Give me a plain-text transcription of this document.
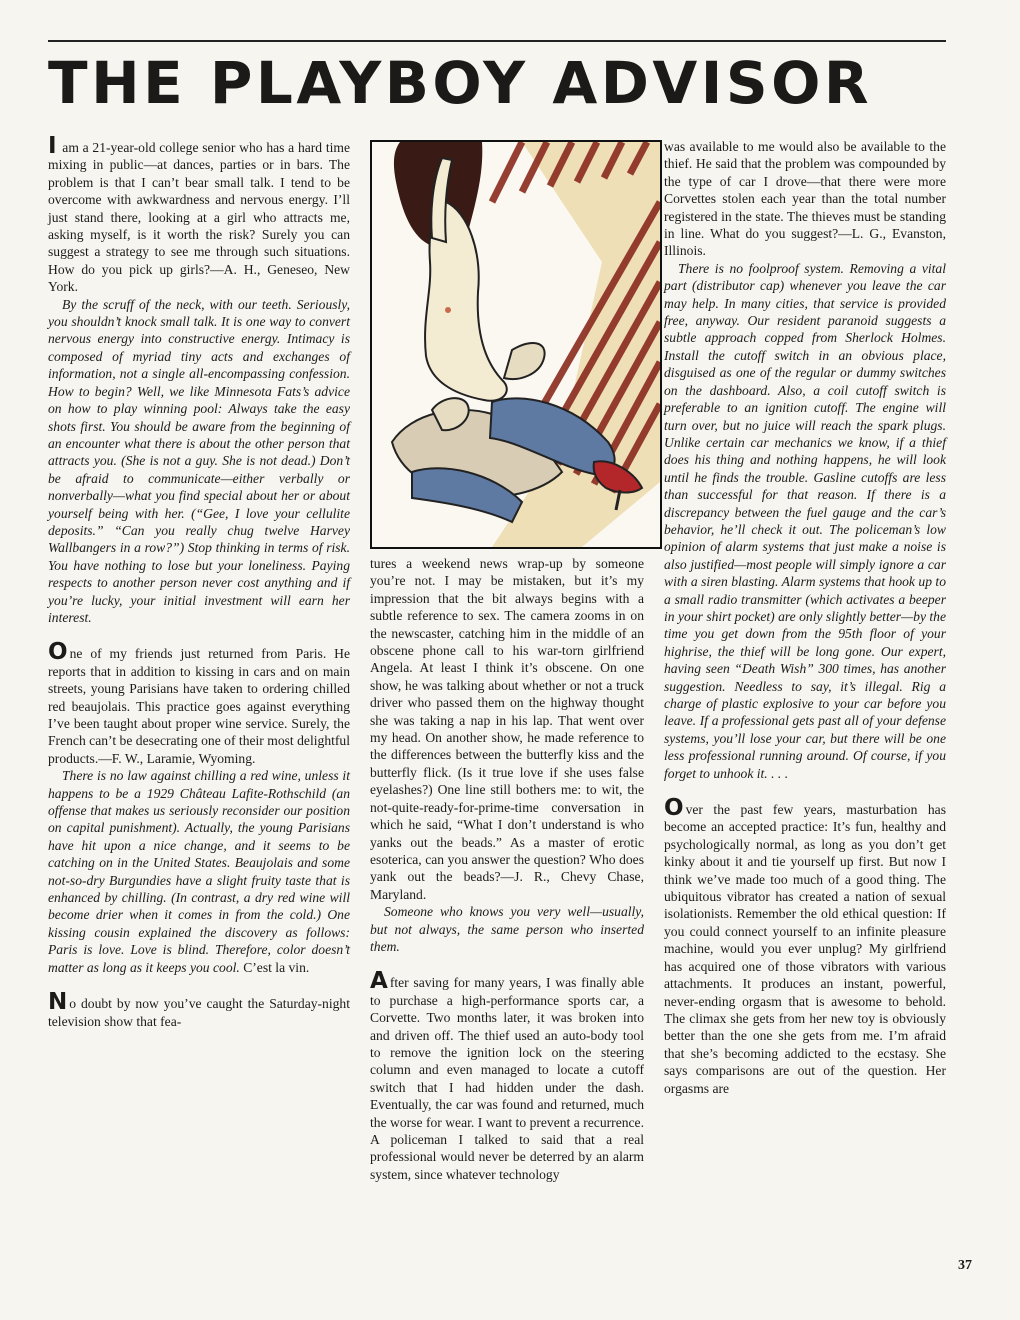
THE PLAYBOY ADVISOR

I am a 21-year-old college senior who has a hard time mixing in public—at dances, parties or in bars. The problem is that I can’t bear small talk. I tend to be overcome with awkwardness and nervous energy. I’ll just stand there, looking at a girl who attracts me, asking myself, is it worth the risk? Surely you can suggest a strategy to see me through such situations. How do you pick up girls?—A. H., Geneseo, New York.

By the scruff of the neck, with our teeth. Seriously, you shouldn’t knock small talk. It is one way to convert nervous energy into constructive energy. Intimacy is composed of myriad tiny acts and exchanges of information, not a single all-encompassing confession. How to begin? Well, we like Minnesota Fats’s advice on how to play winning pool: Always take the easy shots first. You should be aware from the beginning of an encounter what there is about the other person that attracts you. (She is not a guy. She is not dead.) Don’t be afraid to communicate—either verbally or nonverbally—what you find special about her or about yourself being with her. (“Gee, I love your cellulite deposits.” “Can you really chug twelve Harvey Wallbangers in a row?”) Stop thinking in terms of risk. You have nothing to lose but your loneliness. Paying respects to another person never cost anything and if you’re lucky, your initial investment will earn her interest.

One of my friends just returned from Paris. He reports that in addition to kissing in cars and on main streets, young Parisians have taken to ordering chilled red beaujolais. This practice goes against everything I’ve been taught about proper wine service. Surely, the French can’t be desecrating one of their most delightful products.—F. W., Laramie, Wyoming.

There is no law against chilling a red wine, unless it happens to be a 1929 Château Lafite-Rothschild (an offense that makes us seriously reconsider our position on capital punishment). Actually, the young Parisians have hit upon a nice change, and it seems to be catching on in the United States. Beaujolais and some not-so-dry Burgundies have a slight fruity taste that is enhanced by chilling. (In contrast, a dry red wine will become drier when it comes in from the cold.) One kissing cousin explained the discovery as follows: Paris is love. Love is blind. Therefore, color doesn’t matter as long as it keeps you cool. C’est la vin.

No doubt by now you’ve caught the Saturday-night television show that fea-

tures a weekend news wrap-up by someone you’re not. I may be mistaken, but it’s my impression that the bit always begins with a subtle reference to sex. The camera zooms in on the newscaster, catching him in the middle of an obscene phone call to his war-torn girlfriend Angela. At least I think it’s obscene. On one show, he was talking about whether or not a truck driver who passed them on the highway thought she was taking a nap in his lap. That went over my head. On another show, he made reference to the differences between the butterfly kiss and the butterfly flick. (Is it true love if she uses false eyelashes?) One line still bothers me: to wit, the not-quite-ready-for-prime-time conversation in which he said, “What I don’t understand is who yanks out the beads.” As a master of erotic esoterica, can you answer the question? Who does yank out the beads?—J. R., Chevy Chase, Maryland.

Someone who knows you very well—usually, but not always, the same person who inserted them.

After saving for many years, I was finally able to purchase a high-performance sports car, a Corvette. Two months later, it was broken into and driven off. The thief used an auto-body tool to remove the ignition lock on the steering column and even managed to locate a cutoff switch that I had hidden under the dash. Eventually, the car was found and returned, much the worse for wear. I want to prevent a recurrence. A policeman I talked to said that a real professional would never be deterred by an alarm system, since whatever technology

was available to me would also be available to the thief. He said that the problem was compounded by the type of car I drove—that there were more Corvettes stolen each year than the total number registered in the state. The thieves must be standing in line. What do you suggest?—L. G., Evanston, Illinois.

There is no foolproof system. Removing a vital part (distributor cap) whenever you leave the car may help. In many cities, that service is provided free, anyway. Our resident paranoid suggests a subtle approach copped from Sherlock Holmes. Install the cutoff switch in an obvious place, disguised as one of the regular or dummy switches on the dashboard. Also, a coil cutoff switch is preferable to an ignition cutoff. The engine will turn over, but no juice will reach the spark plugs. Unlike certain car mechanics we know, if a thief does his thing and nothing happens, he will look until he finds the trouble. Gasline cutoffs are less than successful for that reason. If there is a discrepancy between the fuel gauge and the car’s behavior, he’ll check it out. The policeman’s low opinion of alarm systems that just make a noise is also justified—most people will simply ignore a car with a siren blasting. Alarm systems that hook up to a small radio transmitter (which activates a beeper in your shirt pocket) are only slightly better—by the time you get down from the 95th floor of your highrise, the thief will be long gone. Our expert, having seen “Death Wish” 300 times, has another suggestion. Needless to say, it’s illegal. Rig a charge of plastic explosive to your car before you leave. If a professional gets past all of your defense systems, you’ll lose your car, but there will be one less professional running around. Of course, if you forget to unhook it. . . .

Over the past few years, masturbation has become an accepted practice: It’s fun, healthy and psychologically normal, as long as you don’t get kinky about it and tie yourself up first. But now I think we’ve made too much of a good thing. The ubiquitous vibrator has created a nation of sexual isolationists. Remember the old ethical question: If you could connect yourself to an infinite pleasure machine, would you ever unplug? My girlfriend has acquired one of those vibrators with various attachments. It produces an instant, powerful, never-ending orgasm that is awesome to behold. The climax she gets from her new toy is obviously better than the one she gets from me. I’m afraid that she’s becoming addicted to the ecstasy. She says comparisons are out of the question. Her orgasms are

37
